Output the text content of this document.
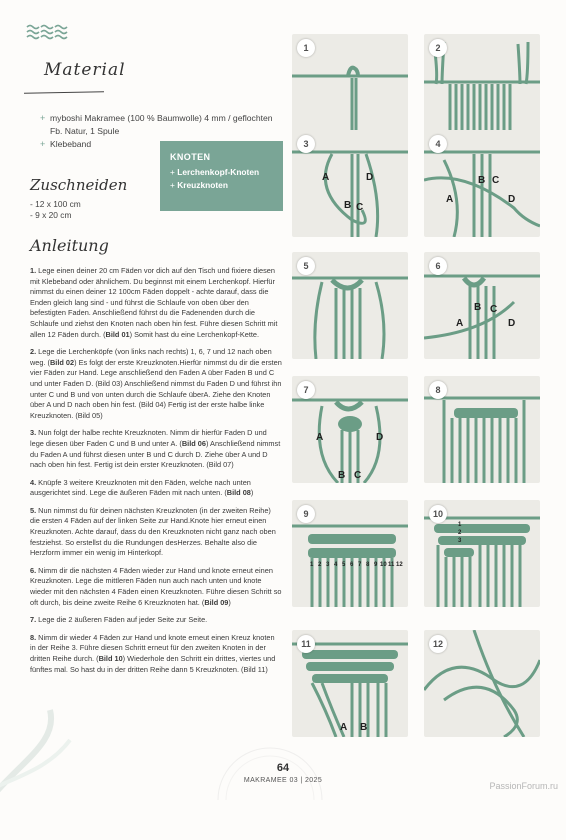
Material
+ myboshi Makramee (100 % Baumwolle) 4 mm / geflochten Fb. Natur, 1 Spule
+ Klebeband
KNOTEN
+ Lerchenkopf-Knoten
+ Kreuzknoten
Zuschneiden
- 12 x 100 cm
- 9 x 20 cm
Anleitung

1. Lege einen deiner 20 cm Fäden vor dich auf den Tisch und fixiere diesen mit Klebeband oder ähnlichem. Du beginnst mit einem Lerchenkopf. Hierfür nimmst du einen deiner 12 100cm Fäden doppelt - achte darauf, dass die Enden gleich lang sind - und führst die Schlaufe von oben über den befestigten Faden. Anschließend führst du die Fadenenden durch die Schlaufe und ziehst den Knoten nach oben hin fest. Führe diesen Schritt mit allen 12 Fäden durch. (Bild 01) Somit hast du eine Lerchenkopf-Kette.

2. Lege die Lerchenköpfe (von links nach rechts) 1, 6, 7 und 12 nach oben weg. (Bild 02) Es folgt der erste Kreuzknoten.Hierfür nimmst du dir die ersten vier Fäden zur Hand. Lege anschließend den Faden A über Faden B und C und unter Faden D. (Bild 03) Anschließend nimmst du Faden D und führst ihn unter C und B und von unten durch die Schlaufe überA. Ziehe den Knoten über A und D nach oben hin fest. (Bild 04) Fertig ist der erste halbe linke Kreuzknoten. (Bild 05)

3. Nun folgt der halbe rechte Kreuzknoten. Nimm dir hierfür Faden D und lege diesen über Faden C und B und unter A. (Bild 06) Anschließend nimmst du Faden A und führst diesen unter B und C durch D. Ziehe über A und D nach oben hin fest. Fertig ist dein erster Kreuzknoten. (Bild 07)

4. Knüpfe 3 weitere Kreuzknoten mit den Fäden, welche nach unten ausgerichtet sind. Lege die äußeren Fäden mit nach unten. (Bild 08)

5. Nun nimmst du für deinen nächsten Kreuzknoten (in der zweiten Reihe) die ersten 4 Fäden auf der linken Seite zur Hand.Knote hier erneut einen Kreuzknoten. Achte darauf, dass du den Kreuzknoten nicht ganz nach oben festziehst. So erstellst du die Rundungen desHerzes. Behalte also die Herzform immer ein wenig im Hinterkopf.

6. Nimm dir die nächsten 4 Fäden wieder zur Hand und knote erneut einen Kreuzknoten. Lege die mittleren Fäden nun auch nach unten und knote wieder mit den nächsten 4 Fäden einen Kreuzknoten. Führe diesen Schritt so oft durch, bis deine zweite Reihe 6 Kreuzknoten hat. (Bild 09)

7. Lege die 2 äußeren Fäden auf jeder Seite zur Seite.

8. Nimm dir wieder 4 Fäden zur Hand und knote erneut einen Kreuz knoten in der Reihe 3. Führe diesen Schritt erneut für den zweiten Knoten in der dritten Reihe durch. (Bild 10) Wiederhole den Schritt ein drittes, viertes und fünftes mal. So hast du in der dritten Reihe dann 5 Kreuzknoten. (Bild 11)

1	2
3
A	D
B C
4
B C
A	D
5	6
B C
A	D
7
A	D
B C
8
9
1 2 3 4 5 6 7 8 9 10 11 12
10
1
2
3
11
A B
12
64
MAKRAMEE 03 | 2025
PassionForum.ru
